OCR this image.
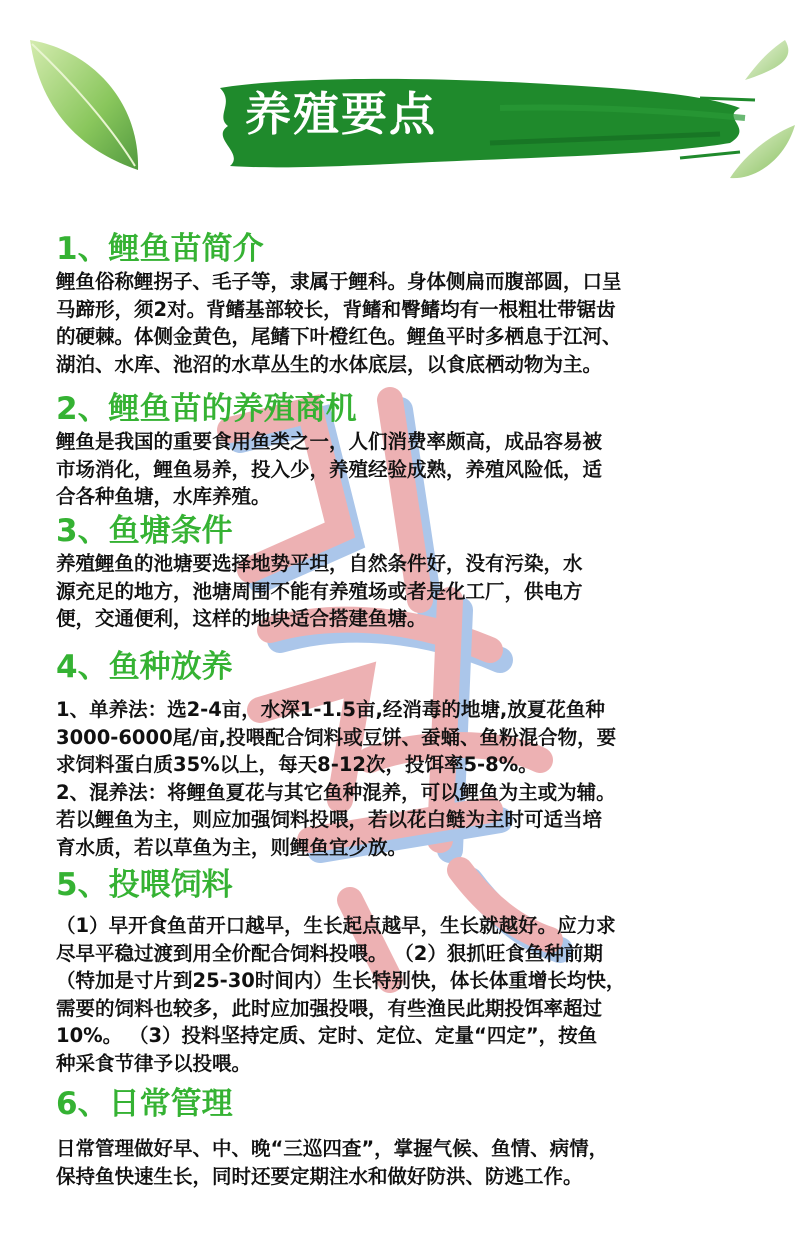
养殖要点
1、鲤鱼苗简介

鲤鱼俗称鲤拐子、毛子等，隶属于鲤科。身体侧扁而腹部圆，口呈

马蹄形，须2对。背鳍基部较长，背鳍和臀鳍均有一根粗壮带锯齿

的硬棘。体侧金黄色，尾鳍下叶橙红色。鲤鱼平时多栖息于江河、

湖泊、水库、池沼的水草丛生的水体底层，以食底栖动物为主。

2、鲤鱼苗的养殖商机

鲤鱼是我国的重要食用鱼类之一，人们消费率颇高，成品容易被

市场消化，鲤鱼易养，投入少，养殖经验成熟，养殖风险低，适

合各种鱼塘，水库养殖。

3、鱼塘条件

养殖鲤鱼的池塘要选择地势平坦，自然条件好，没有污染，水

源充足的地方，池塘周围不能有养殖场或者是化工厂，供电方

便，交通便利，这样的地块适合搭建鱼塘。

4、鱼种放养

1、单养法：选2-4亩，水深1-1.5亩,经消毒的地塘,放夏花鱼种

3000-6000尾/亩,投喂配合饲料或豆饼、蚕蛹、鱼粉混合物，要

求饲料蛋白质35%以上，每天8-12次，投饵率5-8%。

2、混养法：将鲤鱼夏花与其它鱼种混养，可以鲤鱼为主或为辅。

若以鲤鱼为主，则应加强饲料投喂，若以花白鲢为主时可适当培

育水质，若以草鱼为主，则鲤鱼宜少放。

5、投喂饲料

（1）早开食鱼苗开口越早，生长起点越早，生长就越好。应力求

尽早平稳过渡到用全价配合饲料投喂。 （2）狠抓旺食鱼种前期

（特加是寸片到25-30时间内）生长特别快，体长体重增长均快，

需要的饲料也较多，此时应加强投喂，有些渔民此期投饵率超过

10%。 （3）投料坚持定质、定时、定位、定量“四定”，按鱼

种采食节律予以投喂。

6、日常管理

日常管理做好早、中、晚“三巡四查”，掌握气候、鱼情、病情，

保持鱼快速生长，同时还要定期注水和做好防洪、防逃工作。
